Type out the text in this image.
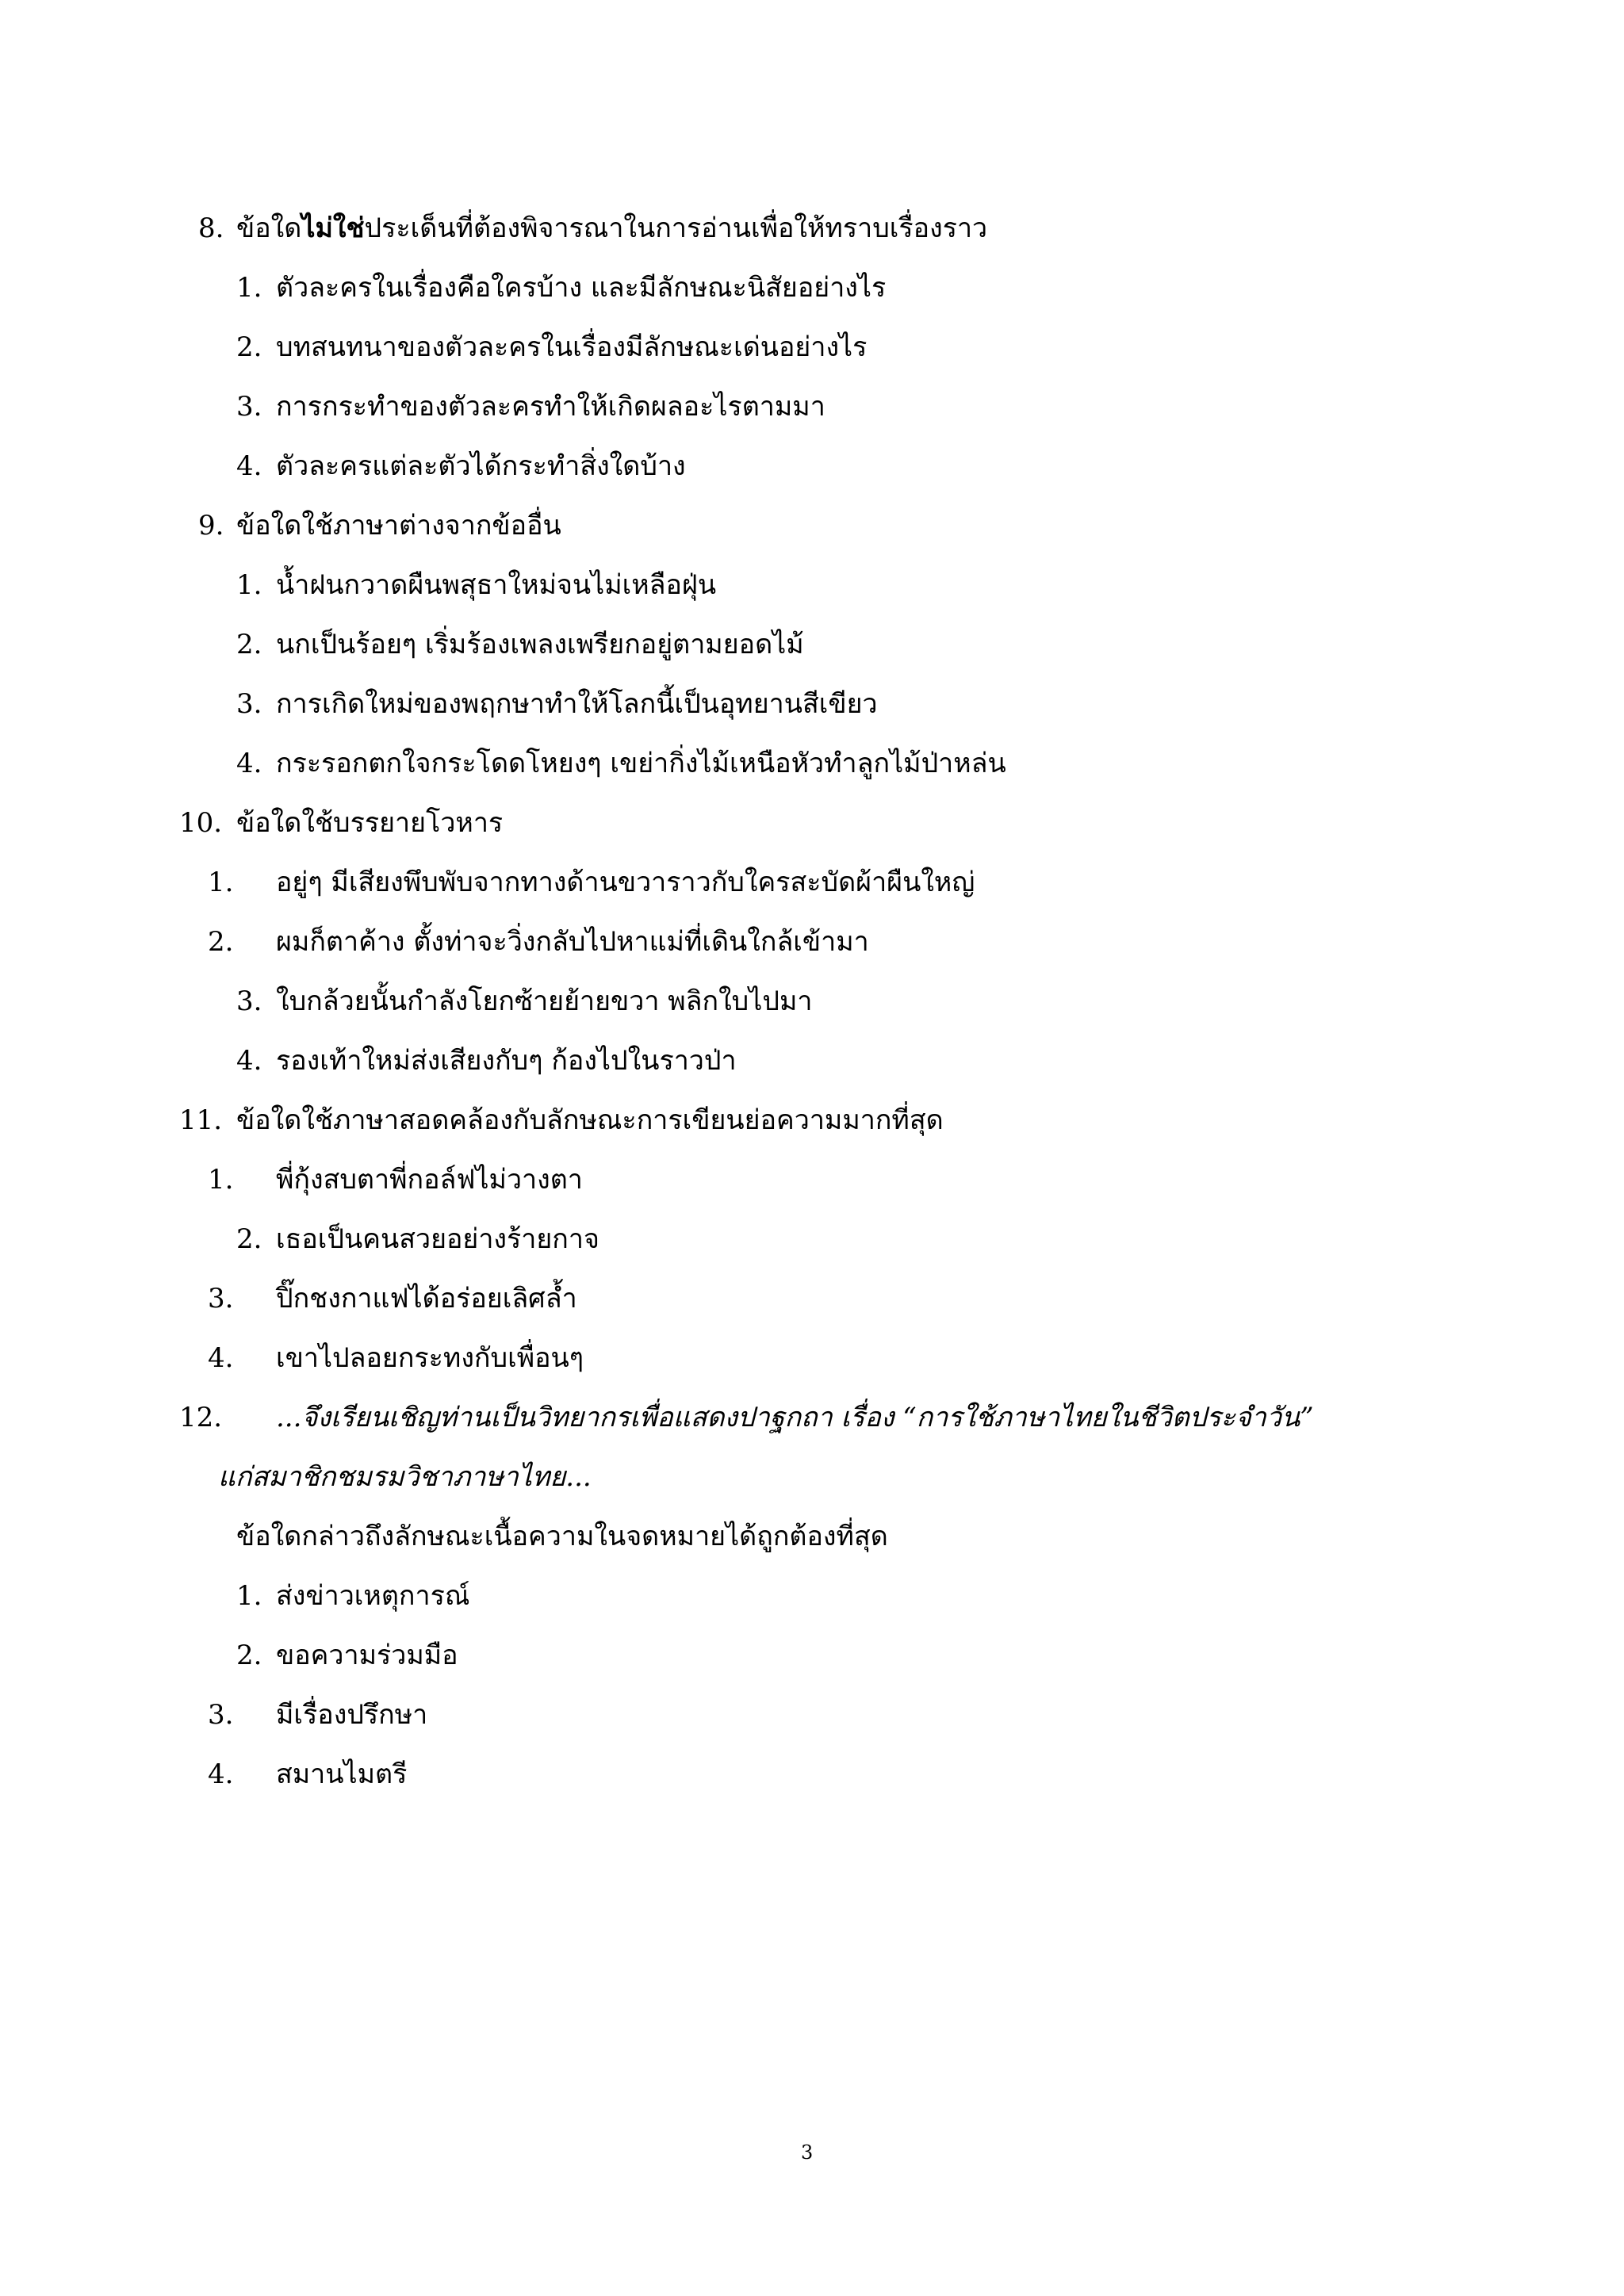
8. ข้อใดไม่ใช่ประเด็นที่ต้องพิจารณาในการอ่านเพื่อให้ทราบเรื่องราว
1. ตัวละครในเรื่องคือใครบ้าง และมีลักษณะนิสัยอย่างไร
2. บทสนทนาของตัวละครในเรื่องมีลักษณะเด่นอย่างไร
3. การกระทำของตัวละครทำให้เกิดผลอะไรตามมา
4. ตัวละครแต่ละตัวได้กระทำสิ่งใดบ้าง
9. ข้อใดใช้ภาษาต่างจากข้ออื่น
1. น้ำฝนกวาดผืนพสุธาใหม่จนไม่เหลือฝุ่น
2. นกเป็นร้อยๆ เริ่มร้องเพลงเพรียกอยู่ตามยอดไม้
3. การเกิดใหม่ของพฤกษาทำให้โลกนี้เป็นอุทยานสีเขียว
4. กระรอกตกใจกระโดดโหยงๆ เขย่ากิ่งไม้เหนือหัวทำลูกไม้ป่าหล่น
10. ข้อใดใช้บรรยายโวหาร
1. อยู่ๆ มีเสียงพึบพับจากทางด้านขวาราวกับใครสะบัดผ้าผืนใหญ่
2. ผมก็ตาค้าง ตั้งท่าจะวิ่งกลับไปหาแม่ที่เดินใกล้เข้ามา
3. ใบกล้วยนั้นกำลังโยกซ้ายย้ายขวา พลิกใบไปมา
4. รองเท้าใหม่ส่งเสียงกับๆ ก้องไปในราวป่า
11. ข้อใดใช้ภาษาสอดคล้องกับลักษณะการเขียนย่อความมากที่สุด
1. พี่กุ้งสบตาพี่กอล์ฟไม่วางตา
2. เธอเป็นคนสวยอย่างร้ายกาจ
3. ปิ๊กชงกาแฟได้อร่อยเลิศล้ำ
4. เขาไปลอยกระทงกับเพื่อนๆ
12. ...จึงเรียนเชิญท่านเป็นวิทยากรเพื่อแสดงปาฐกถา เรื่อง “การใช้ภาษาไทยในชีวิตประจำวัน”
แก่สมาชิกชมรมวิชาภาษาไทย...
ข้อใดกล่าวถึงลักษณะเนื้อความในจดหมายได้ถูกต้องที่สุด
1. ส่งข่าวเหตุการณ์
2. ขอความร่วมมือ
3. มีเรื่องปรึกษา
4. สมานไมตรี
3
